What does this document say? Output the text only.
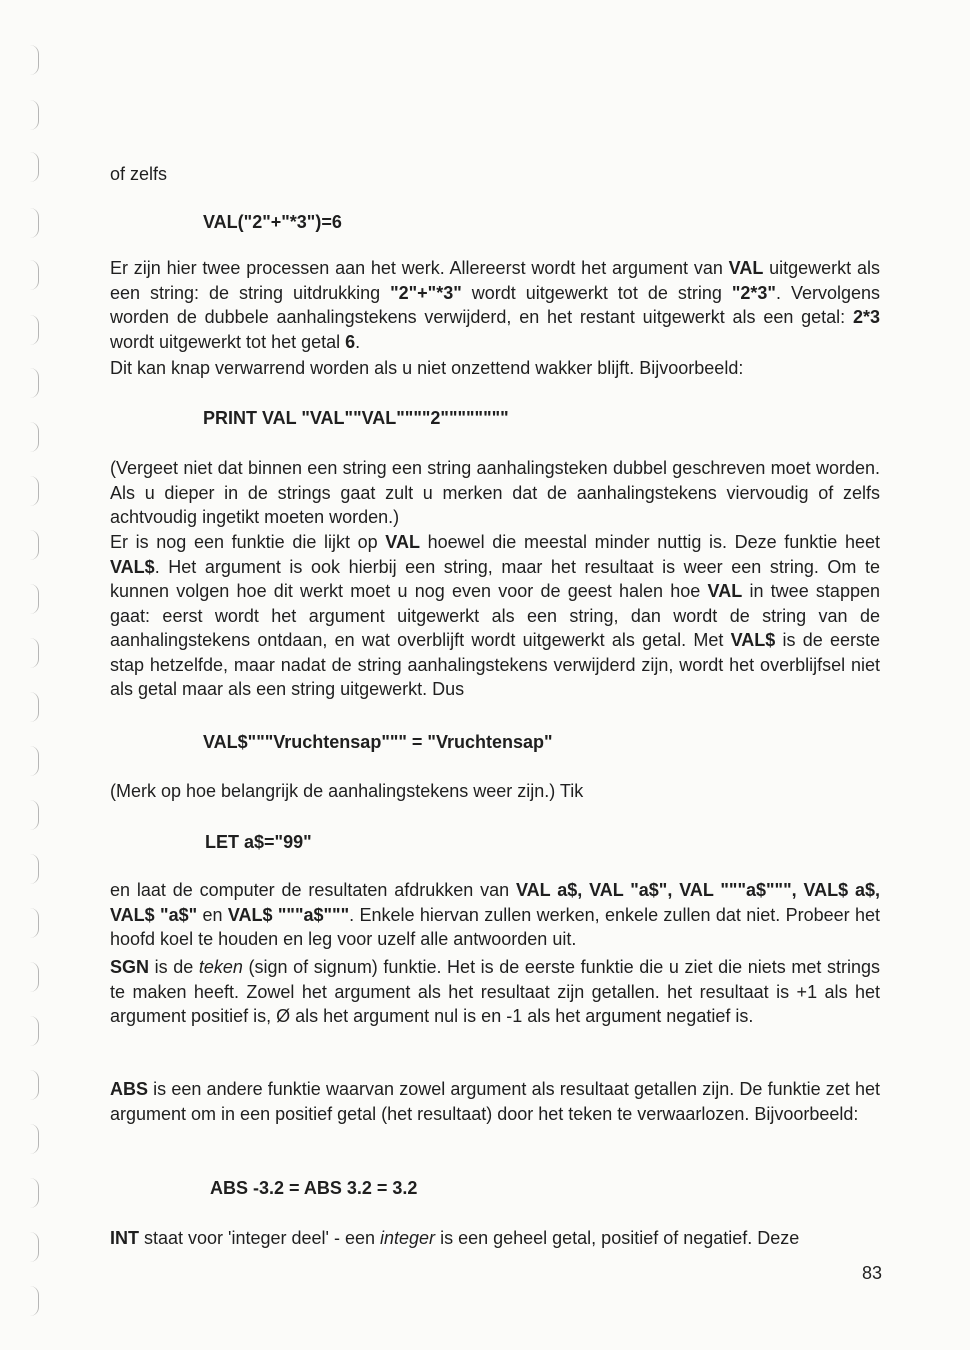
of zelfs

VAL("2"+"*3")=6

Er zijn hier twee processen aan het werk. Allereerst wordt het argument van VAL uitgewerkt als een string: de string uitdrukking "2"+"*3" wordt uitgewerkt tot de string "2*3". Vervolgens worden de dubbele aanhalingstekens verwijderd, en het restant uitgewerkt als een getal: 2*3 wordt uitgewerkt tot het getal 6.

Dit kan knap verwarrend worden als u niet onzettend wakker blijft. Bijvoorbeeld:

PRINT VAL "VAL""VAL""""2""""""""

(Vergeet niet dat binnen een string een string aanhalingsteken dubbel geschreven moet worden. Als u dieper in de strings gaat zult u merken dat de aanhalingstekens viervoudig of zelfs achtvoudig ingetikt moeten worden.)

Er is nog een funktie die lijkt op VAL hoewel die meestal minder nuttig is. Deze funktie heet VAL$. Het argument is ook hierbij een string, maar het resultaat is weer een string. Om te kunnen volgen hoe dit werkt moet u nog even voor de geest halen hoe VAL in twee stappen gaat: eerst wordt het argument uitgewerkt als een string, dan wordt de string van de aanhalingstekens ontdaan, en wat overblijft wordt uitgewerkt als getal. Met VAL$ is de eerste stap hetzelfde, maar nadat de string aanhalingstekens verwijderd zijn, wordt het overblijfsel niet als getal maar als een string uitgewerkt. Dus

VAL$"""Vruchtensap""" = "Vruchtensap"

(Merk op hoe belangrijk de aanhalingstekens weer zijn.) Tik

LET a$="99"

en laat de computer de resultaten afdrukken van VAL a$, VAL "a$", VAL """a$""", VAL$ a$, VAL$ "a$" en VAL$ """a$""". Enkele hiervan zullen werken, enkele zullen dat niet. Probeer het hoofd koel te houden en leg voor uzelf alle antwoorden uit.

SGN is de teken (sign of signum) funktie. Het is de eerste funktie die u ziet die niets met strings te maken heeft. Zowel het argument als het resultaat zijn getallen. het resultaat is +1 als het argument positief is, Ø als het argument nul is en -1 als het argument negatief is.

ABS is een andere funktie waarvan zowel argument als resultaat getallen zijn. De funktie zet het argument om in een positief getal (het resultaat) door het teken te verwaarlozen. Bijvoorbeeld:

ABS -3.2 = ABS 3.2 = 3.2

INT staat voor 'integer deel' - een integer is een geheel getal, positief of negatief. Deze

83
